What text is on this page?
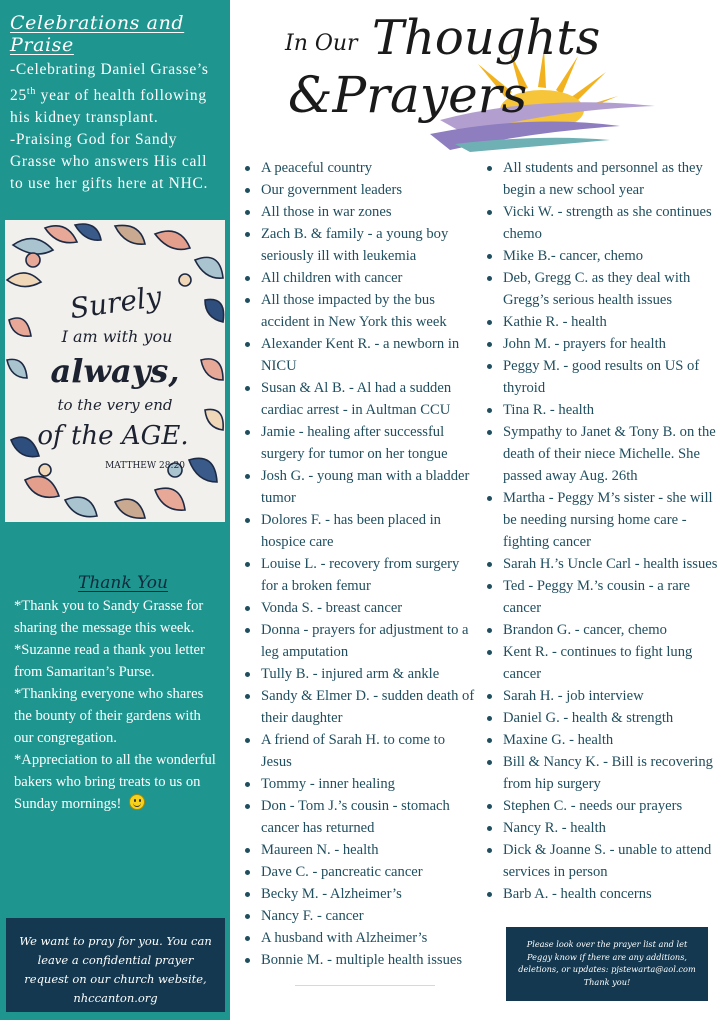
Celebrations and Praise

-Celebrating Daniel Grasse’s 25th year of health following his kidney transplant.

-Praising God for Sandy Grasse who answers His call to use her gifts here at NHC.

Surely
I am with you
always,
to the very end
of the AGE.
MATTHEW 28:20
Thank You

*Thank you to Sandy Grasse for sharing the message this week.

*Suzanne read a thank you letter from Samaritan’s Purse.

*Thanking everyone who shares the bounty of their gardens with our congregation.

*Appreciation to all the wonderful bakers who bring treats to us on Sunday mornings!

We want to pray for you. You can leave a confidential prayer request on our church website, nhccanton.org
In Our Thoughts
&Prayers
A peaceful country
Our government leaders
All those in war zones
Zach B. & family - a young boy seriously ill with leukemia
All children with cancer
All those impacted by the bus accident in New York this week
Alexander Kent R. - a newborn in NICU
Susan & Al B. - Al had a sudden cardiac arrest - in Aultman CCU
Jamie - healing after successful surgery for tumor on her tongue
Josh G. - young man with a bladder tumor
Dolores F. - has been placed in hospice care
Louise L. - recovery from surgery for a broken femur
Vonda S. - breast cancer
Donna - prayers for adjustment to a leg amputation
Tully B. - injured arm & ankle
Sandy & Elmer D. - sudden death of their daughter
A friend of Sarah H. to come to Jesus
Tommy - inner healing
Don - Tom J.’s cousin - stomach cancer has returned
Maureen N. - health
Dave C. - pancreatic cancer
Becky M. - Alzheimer’s
Nancy F. - cancer
A husband with Alzheimer’s
Bonnie M. - multiple health issues
All students and personnel as they begin a new school year
Vicki W. - strength as she continues chemo
Mike B.- cancer, chemo
Deb, Gregg C. as they deal with Gregg’s serious health issues
Kathie R. - health
John M. - prayers for health
Peggy M. - good results on US of thyroid
Tina R. - health
Sympathy to Janet & Tony B. on the death of their niece Michelle. She passed away Aug. 26th
Martha - Peggy M’s sister - she will be needing nursing home care - fighting cancer
Sarah H.’s Uncle Carl - health issues
Ted - Peggy M.’s cousin - a rare cancer
Brandon G. - cancer, chemo
Kent R. - continues to fight lung cancer
Sarah H. - job interview
Daniel G. - health & strength
Maxine G. - health
Bill & Nancy K. - Bill is recovering from hip surgery
Stephen C. - needs our prayers
Nancy R. - health
Dick & Joanne S. - unable to attend services in person
Barb A. - health concerns
Please look over the prayer list and let Peggy know if there are any additions, deletions, or updates: pjstewarta@aol.com Thank you!
